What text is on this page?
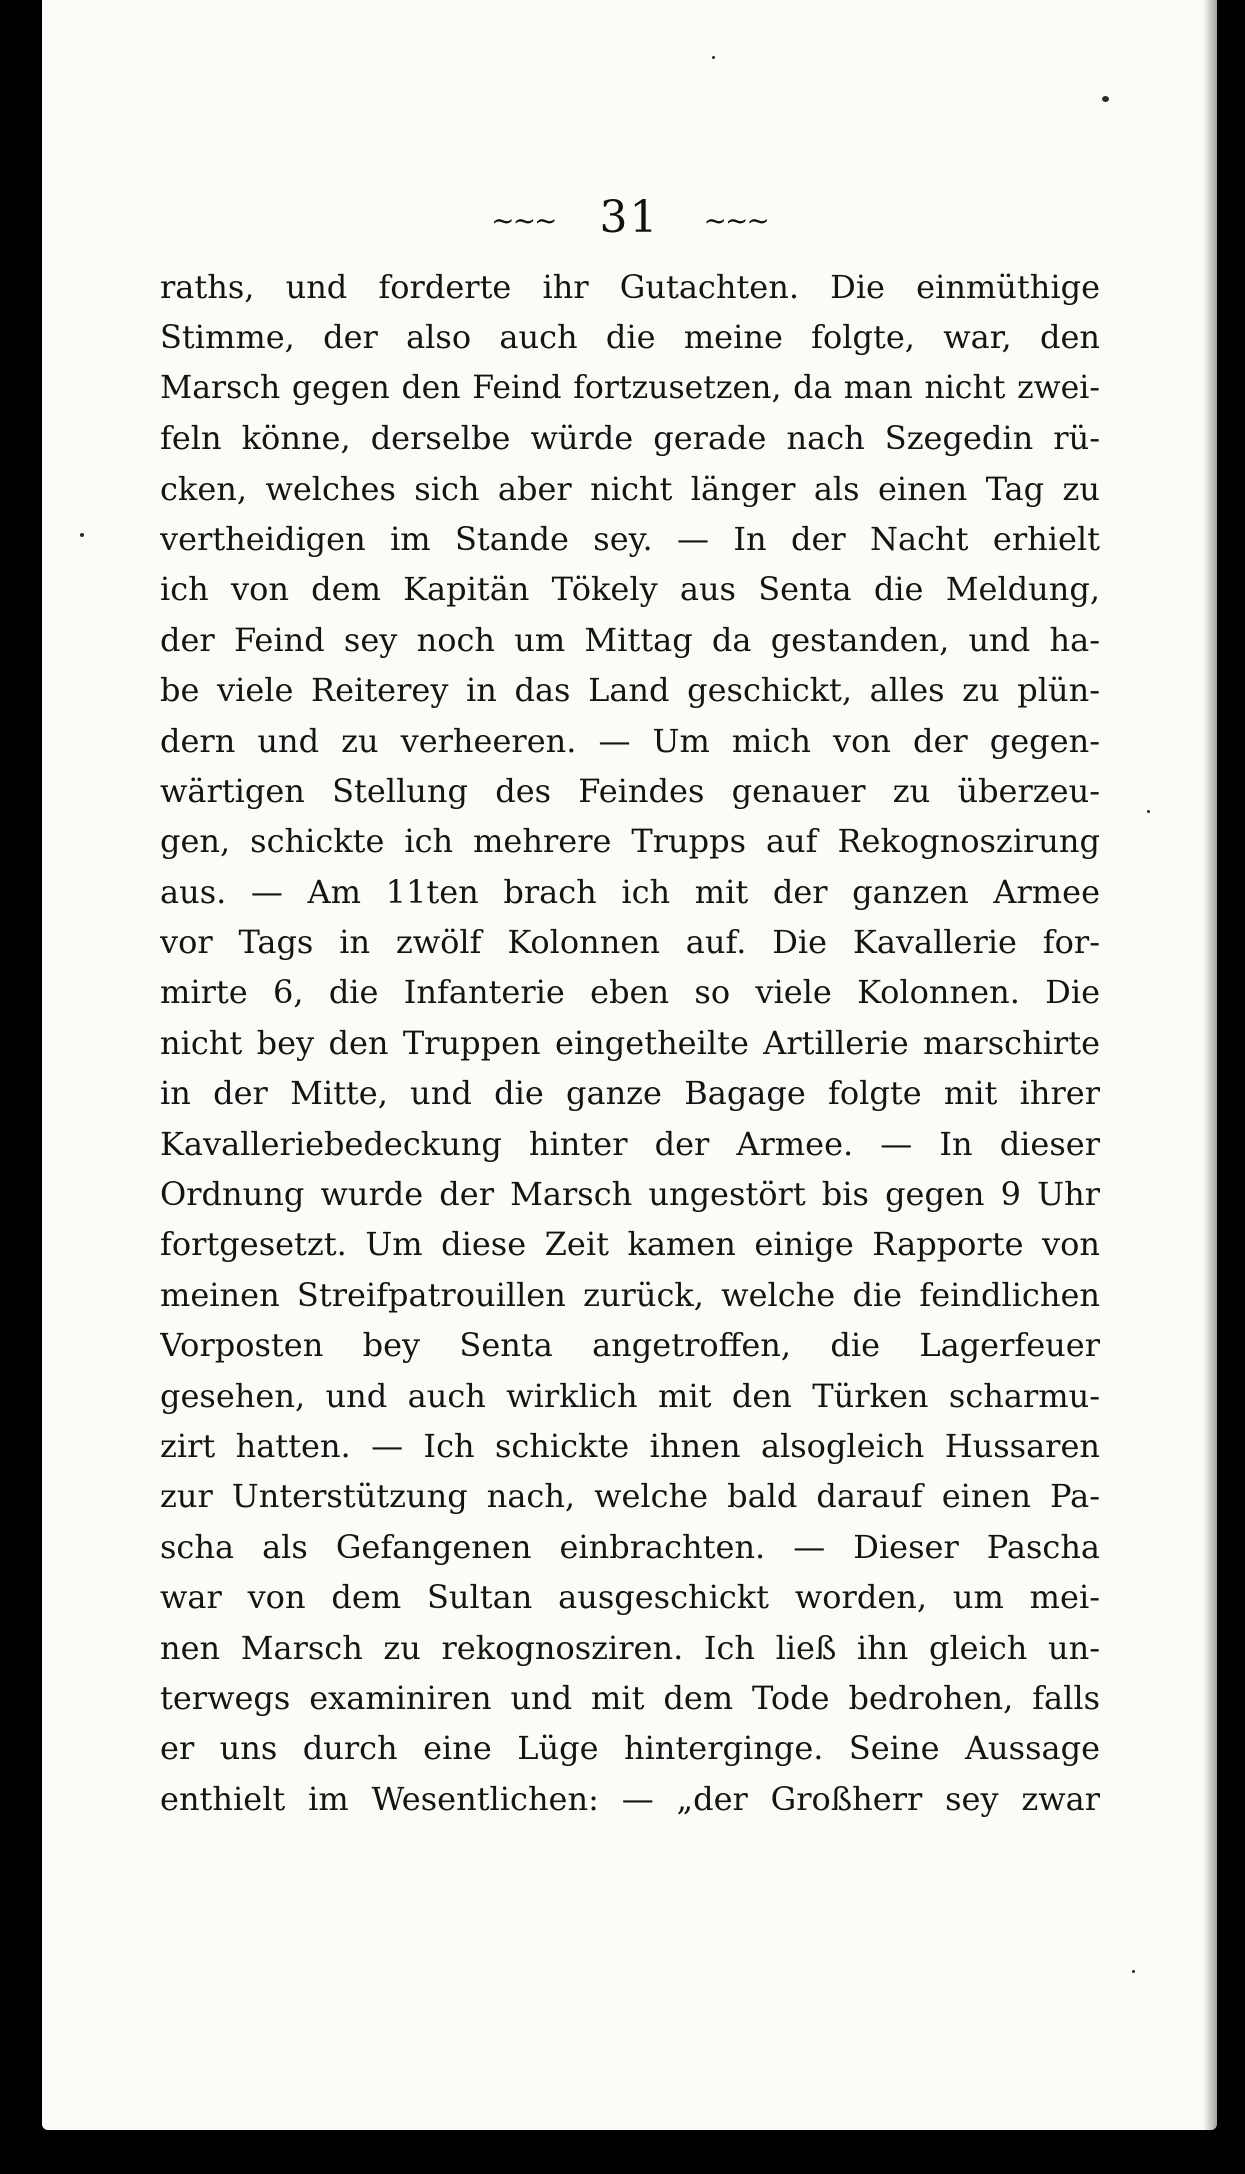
~~~ 31 ~~~
raths, und forderte ihr Gutachten. Die einmüthige
Stimme, der also auch die meine folgte, war, den
Marsch gegen den Feind fortzusetzen, da man nicht zwei-
feln könne, derselbe würde gerade nach Szegedin rü-
cken, welches sich aber nicht länger als einen Tag zu
vertheidigen im Stande sey. — In der Nacht erhielt
ich von dem Kapitän Tökely aus Senta die Meldung,
der Feind sey noch um Mittag da gestanden, und ha-
be viele Reiterey in das Land geschickt, alles zu plün-
dern und zu verheeren. — Um mich von der gegen-
wärtigen Stellung des Feindes genauer zu überzeu-
gen, schickte ich mehrere Trupps auf Rekognoszirung
aus. — Am 11ten brach ich mit der ganzen Armee
vor Tags in zwölf Kolonnen auf. Die Kavallerie for-
mirte 6, die Infanterie eben so viele Kolonnen. Die
nicht bey den Truppen eingetheilte Artillerie marschirte
in der Mitte, und die ganze Bagage folgte mit ihrer
Kavalleriebedeckung hinter der Armee. — In dieser
Ordnung wurde der Marsch ungestört bis gegen 9 Uhr
fortgesetzt. Um diese Zeit kamen einige Rapporte von
meinen Streifpatrouillen zurück, welche die feindlichen
Vorposten bey Senta angetroffen, die Lagerfeuer
gesehen, und auch wirklich mit den Türken scharmu-
zirt hatten. — Ich schickte ihnen alsogleich Hussaren
zur Unterstützung nach, welche bald darauf einen Pa-
scha als Gefangenen einbrachten. — Dieser Pascha
war von dem Sultan ausgeschickt worden, um mei-
nen Marsch zu rekognosziren. Ich ließ ihn gleich un-
terwegs examiniren und mit dem Tode bedrohen, falls
er uns durch eine Lüge hinterginge. Seine Aussage
enthielt im Wesentlichen: — „der Großherr sey zwar
